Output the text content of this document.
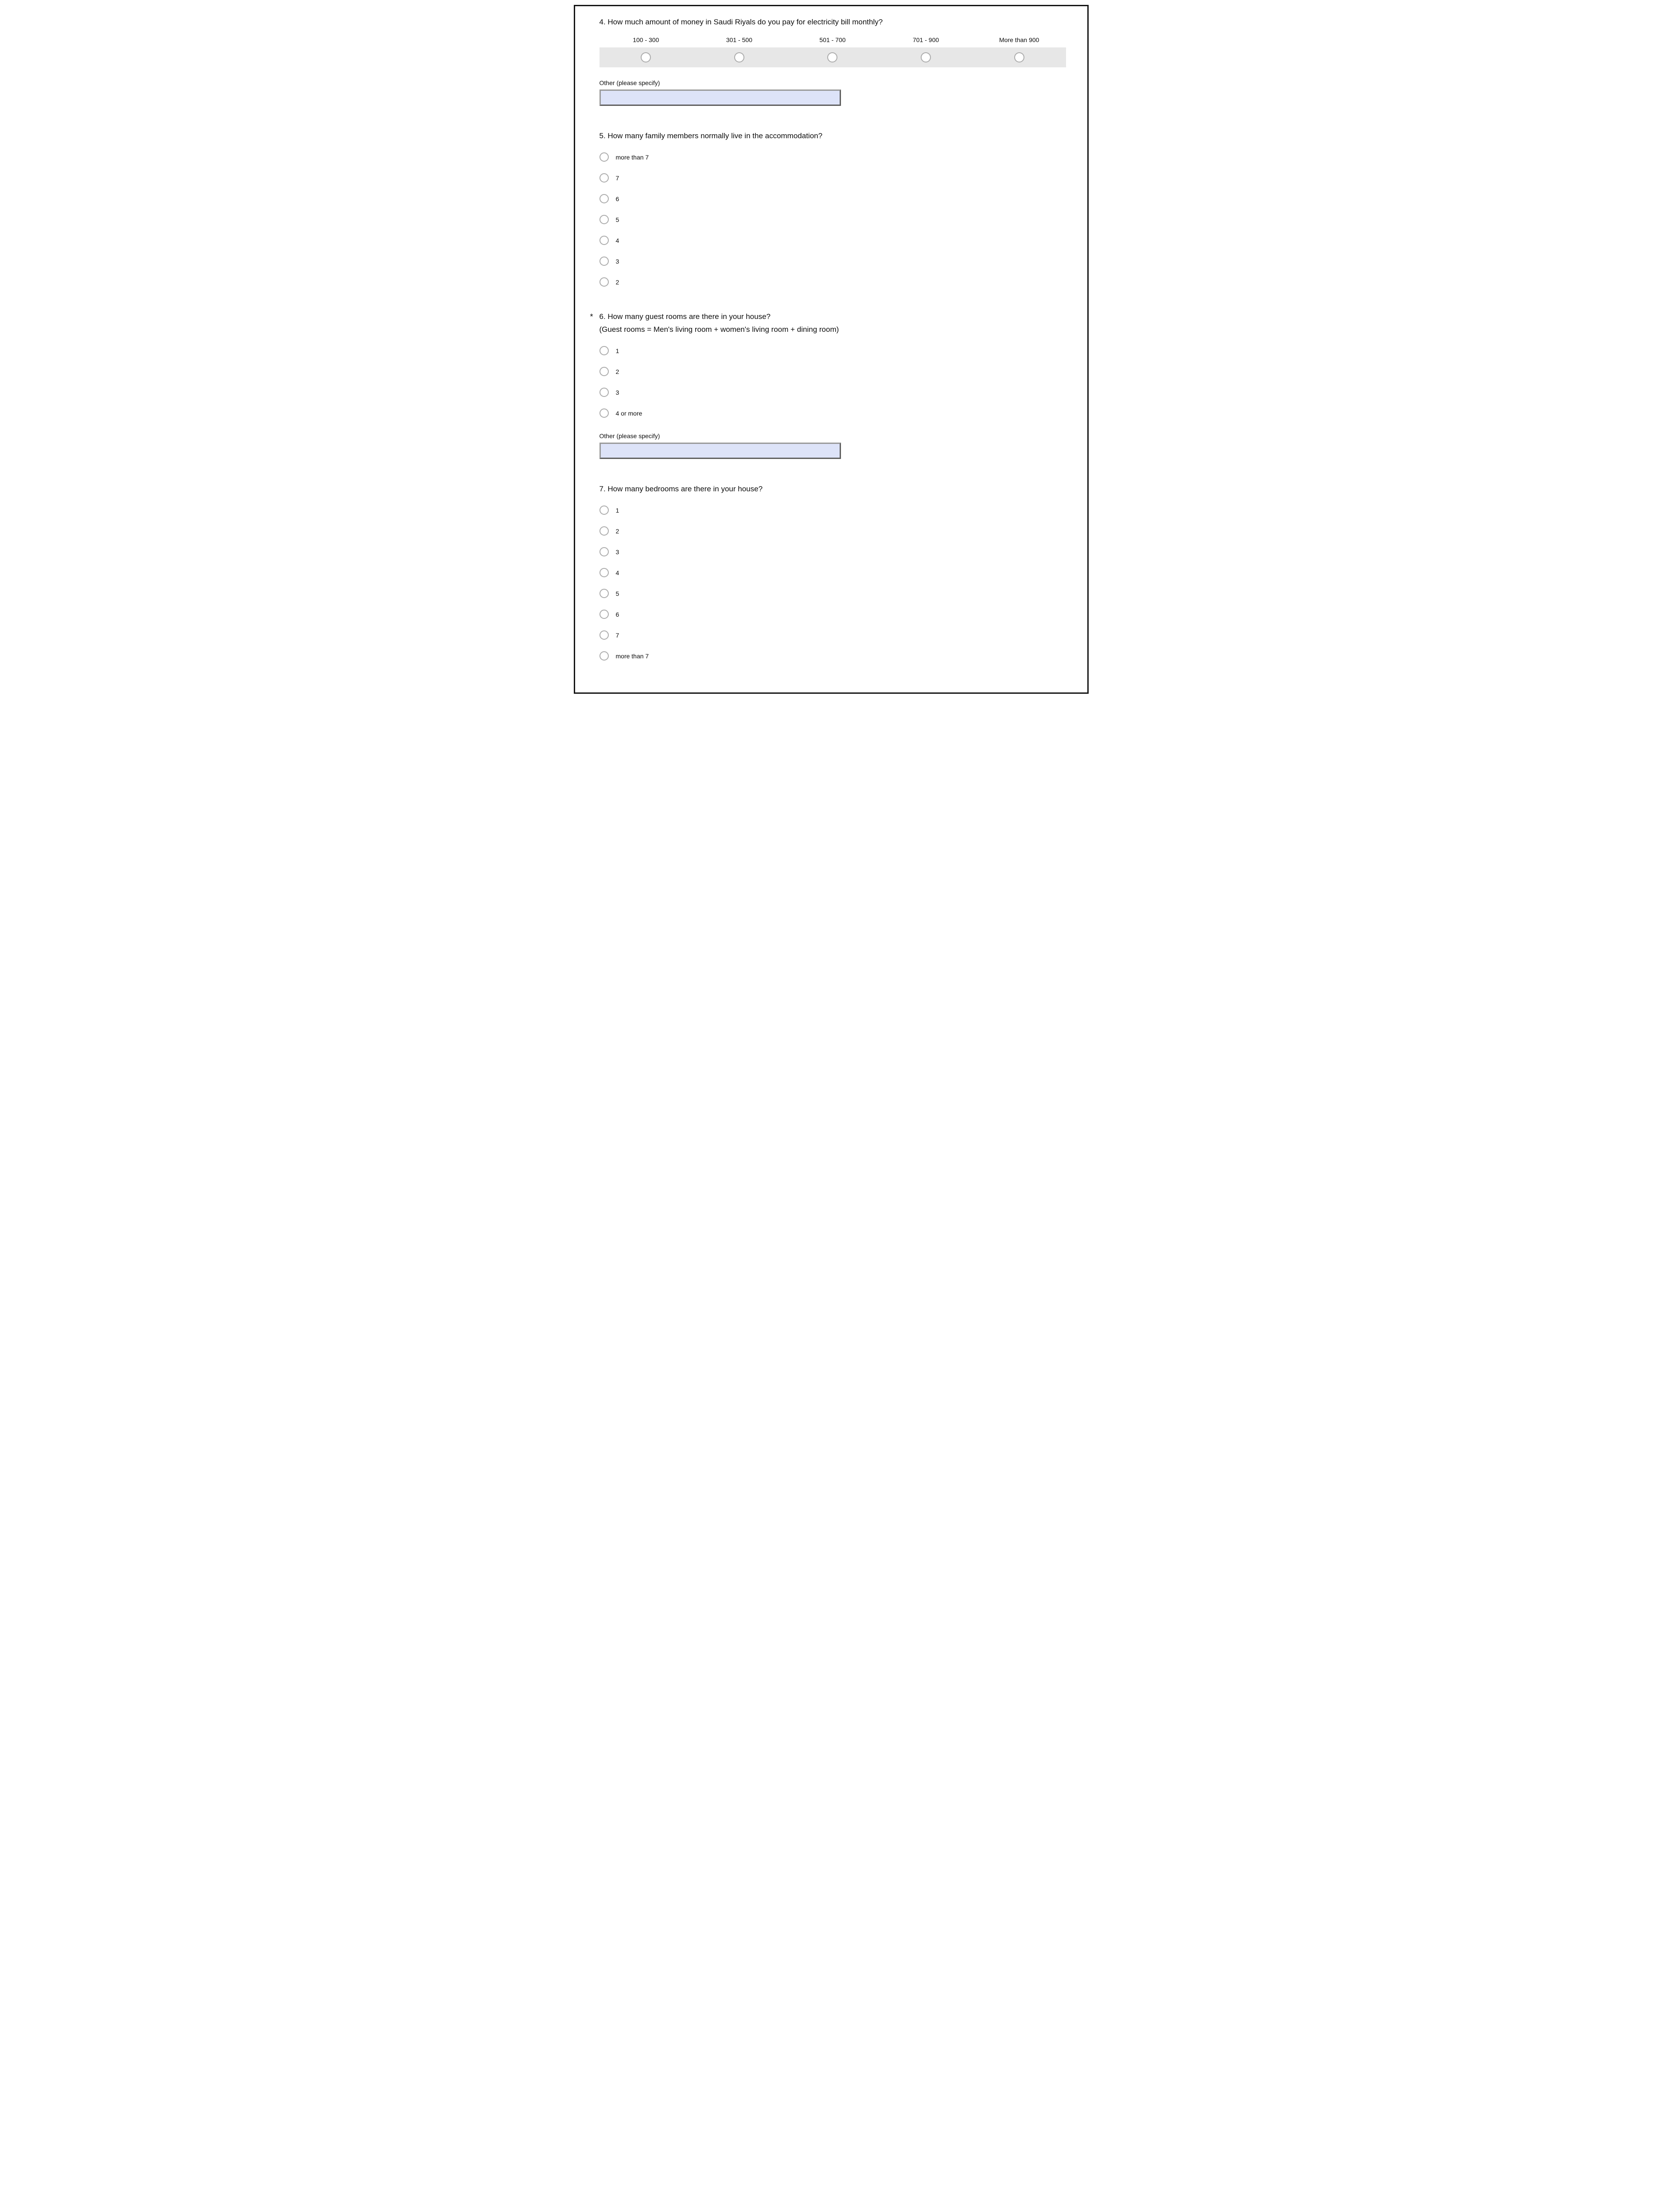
4. How much amount of money in Saudi Riyals do you pay for electricity bill monthly?
100 - 300	301 - 500	501 - 700	701 - 900	More than 900
Other (please specify)
5. How many family members normally live in the accommodation?
more than 7
7
6
5
4
3
2
* 6. How many guest rooms are there in your house?
(Guest rooms = Men's living room + women's living room + dining room)
1
2
3
4 or more
Other (please specify)
7. How many bedrooms are there in your house?
1
2
3
4
5
6
7
more than 7
